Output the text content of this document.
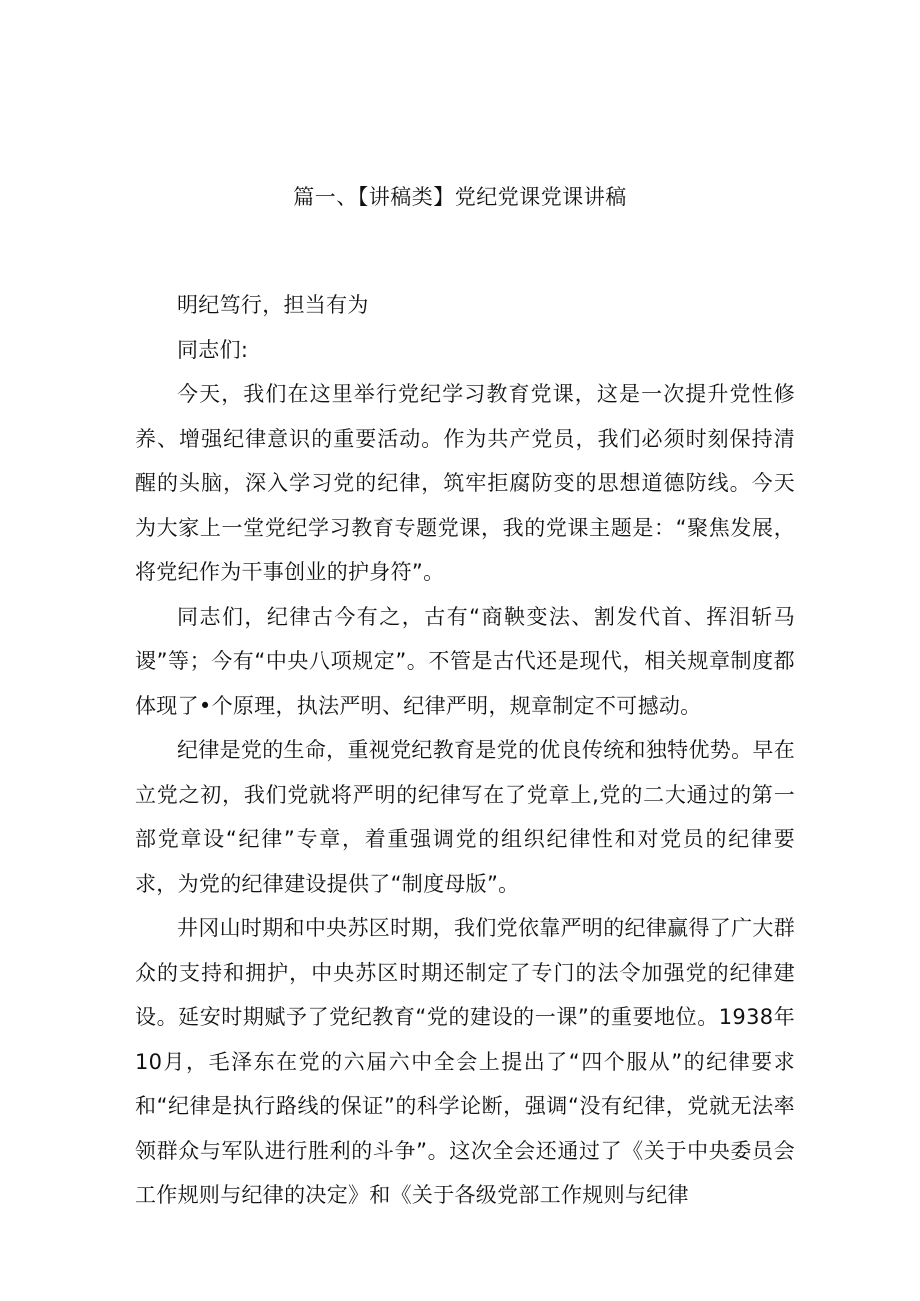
篇一、【讲稿类】党纪党课党课讲稿

明纪笃行，担当有为

同志们:

今天，我们在这里举行党纪学习教育党课，这是一次提升党性修养、增强纪律意识的重要活动。作为共产党员，我们必须时刻保持清醒的头脑，深入学习党的纪律，筑牢拒腐防变的思想道德防线。今天为大家上一堂党纪学习教育专题党课，我的党课主题是：“聚焦发展，将党纪作为干事创业的护身符”。

同志们，纪律古今有之，古有“商鞅变法、割发代首、挥泪斩马谡”等；今有“中央八项规定”。不管是古代还是现代，相关规章制度都体现了•个原理，执法严明、纪律严明，规章制定不可撼动。

纪律是党的生命，重视党纪教育是党的优良传统和独特优势。早在立党之初，我们党就将严明的纪律写在了党章上,党的二大通过的第一部党章设“纪律”专章，着重强调党的组织纪律性和对党员的纪律要求，为党的纪律建设提供了“制度母版”。

井冈山时期和中央苏区时期，我们党依靠严明的纪律赢得了广大群众的支持和拥护，中央苏区时期还制定了专门的法令加强党的纪律建设。延安时期赋予了党纪教育“党的建设的一课”的重要地位。1938年10月，毛泽东在党的六届六中全会上提出了“四个服从”的纪律要求和“纪律是执行路线的保证”的科学论断，强调“没有纪律，党就无法率领群众与军队进行胜利的斗争”。这次全会还通过了《关于中央委员会工作规则与纪律的决定》和《关于各级党部工作规则与纪律
